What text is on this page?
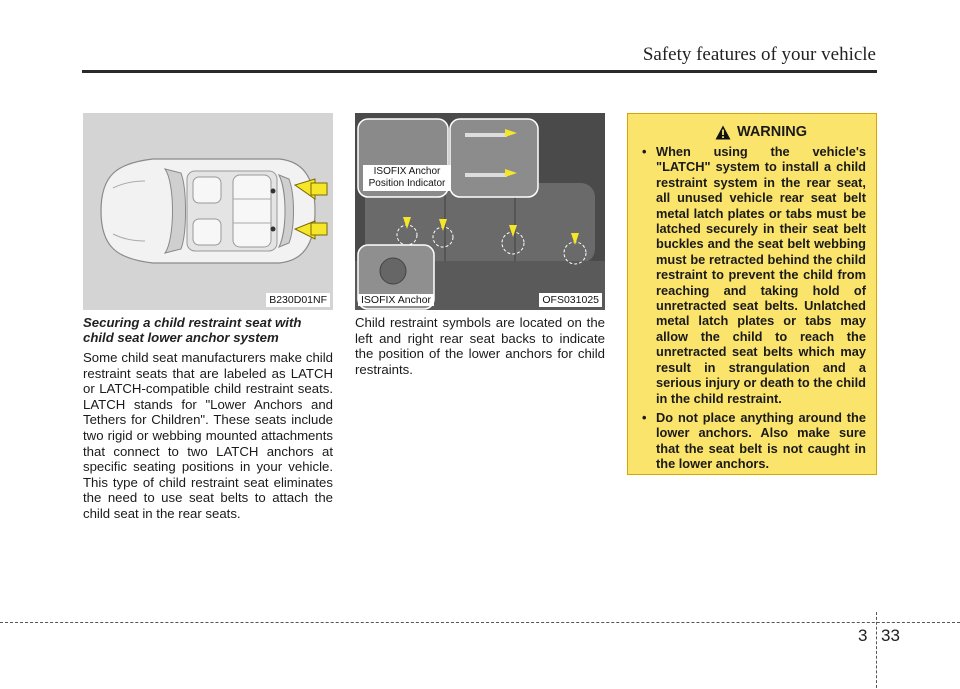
Safety features of your vehicle
B230D01NF
ISOFIX Anchor
Position Indicator
ISOFIX Anchor	OFS031025
Securing a child restraint seat with child seat lower anchor system

Some child seat manufacturers make child restraint seats that are labeled as LATCH or LATCH-compatible child restraint seats. LATCH stands for "Lower Anchors and Tethers for Children". These seats include two rigid or webbing mounted attachments that connect to two LATCH anchors at specific seating positions in your vehicle. This type of child restraint seat eliminates the need to use seat belts to attach the child seat in the rear seats.

Child restraint symbols are located on the left and right rear seat backs to indicate the position of the lower anchors for child restraints.

WARNING
• When using the vehicle's "LATCH" system to install a child restraint system in the rear seat, all unused vehicle rear seat belt metal latch plates or tabs must be latched securely in their seat belt buckles and the seat belt webbing must be retracted behind the child restraint to prevent the child from reaching and taking hold of unretracted seat belts. Unlatched metal latch plates or tabs may allow the child to reach the unretracted seat belts which may result in strangulation and a serious injury or death to the child in the child restraint.
• Do not place anything around the lower anchors. Also make sure that the seat belt is not caught in the lower anchors.
3 33
